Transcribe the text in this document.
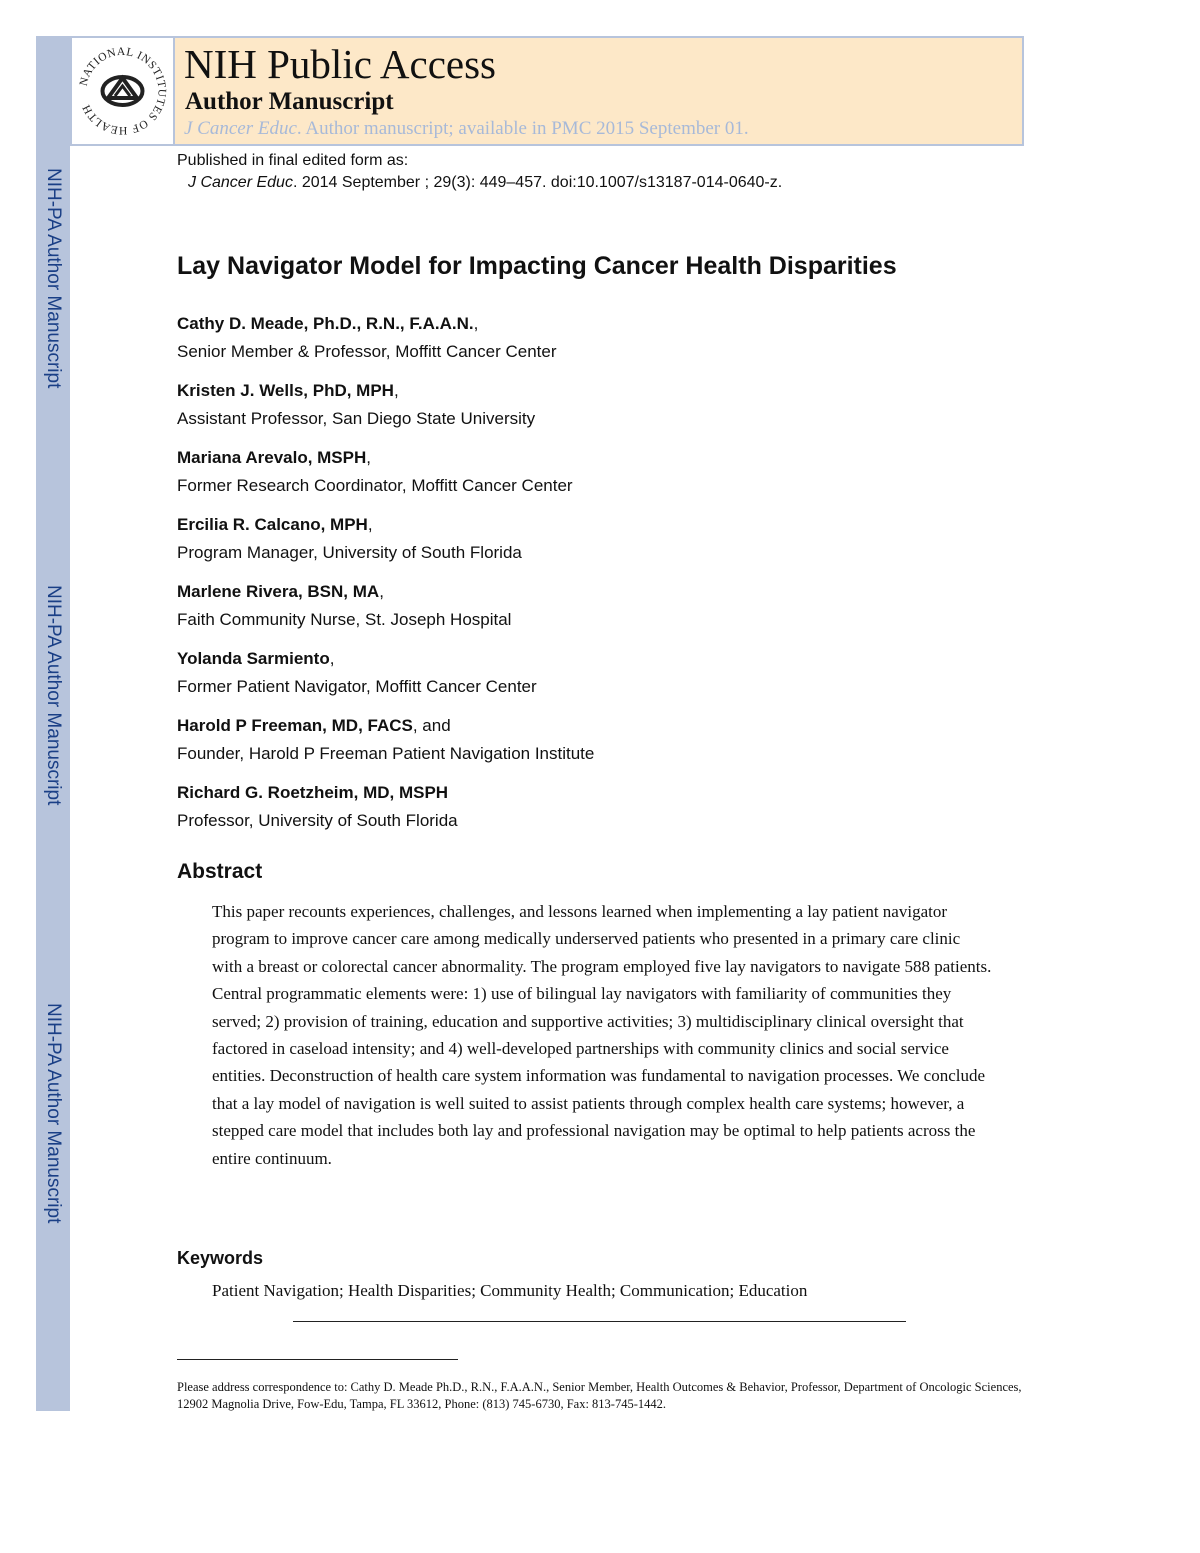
NIH-PA Author Manuscript
NIH-PA Author Manuscript
NIH-PA Author Manuscript
NATIONAL INSTITUTES OF HEALTH
NIH Public Access
Author Manuscript
J Cancer Educ. Author manuscript; available in PMC 2015 September 01.
Published in final edited form as:
J Cancer Educ. 2014 September ; 29(3): 449–457. doi:10.1007/s13187-014-0640-z.
Lay Navigator Model for Impacting Cancer Health Disparities
Cathy D. Meade, Ph.D., R.N., F.A.A.N.,
Senior Member & Professor, Moffitt Cancer Center
Kristen J. Wells, PhD, MPH,
Assistant Professor, San Diego State University
Mariana Arevalo, MSPH,
Former Research Coordinator, Moffitt Cancer Center
Ercilia R. Calcano, MPH,
Program Manager, University of South Florida
Marlene Rivera, BSN, MA,
Faith Community Nurse, St. Joseph Hospital
Yolanda Sarmiento,
Former Patient Navigator, Moffitt Cancer Center
Harold P Freeman, MD, FACS, and
Founder, Harold P Freeman Patient Navigation Institute
Richard G. Roetzheim, MD, MSPH
Professor, University of South Florida
Abstract
This paper recounts experiences, challenges, and lessons learned when implementing a lay patient navigator program to improve cancer care among medically underserved patients who presented in a primary care clinic with a breast or colorectal cancer abnormality. The program employed five lay navigators to navigate 588 patients. Central programmatic elements were: 1) use of bilingual lay navigators with familiarity of communities they served; 2) provision of training, education and supportive activities; 3) multidisciplinary clinical oversight that factored in caseload intensity; and 4) well-developed partnerships with community clinics and social service entities. Deconstruction of health care system information was fundamental to navigation processes. We conclude that a lay model of navigation is well suited to assist patients through complex health care systems; however, a stepped care model that includes both lay and professional navigation may be optimal to help patients across the entire continuum.
Keywords
Patient Navigation; Health Disparities; Community Health; Communication; Education
Please address correspondence to: Cathy D. Meade Ph.D., R.N., F.A.A.N., Senior Member, Health Outcomes & Behavior, Professor, Department of Oncologic Sciences, 12902 Magnolia Drive, Fow-Edu, Tampa, FL 33612, Phone: (813) 745-6730, Fax: 813-745-1442.
